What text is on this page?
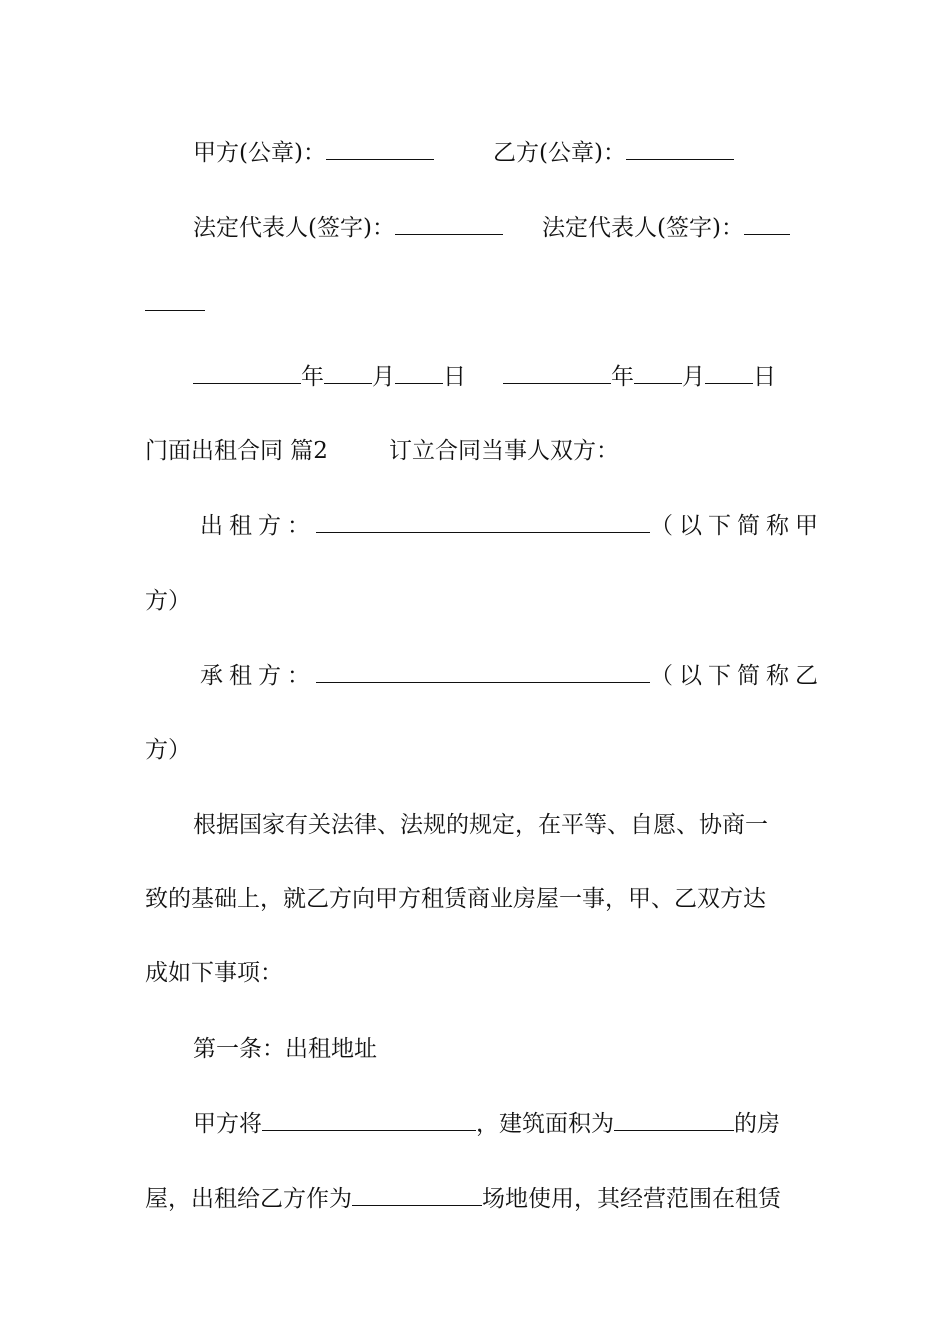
甲方(公章)：	乙方(公章)：
法定代表人(签字)：	法定代表人(签字)：
年 月 日	年 月 日
门面出租合同 篇2	订立合同当事人双方：
出租方：	（以下简称甲
方）
承租方：	（以下简称乙
方）
根据国家有关法律、法规的规定，在平等、自愿、协商一
致的基础上，就乙方向甲方租赁商业房屋一事，甲、乙双方达
成如下事项：
第一条：出租地址
甲方将	，建筑面积为	的房
屋，出租给乙方作为	场地使用，其经营范围在租赁
